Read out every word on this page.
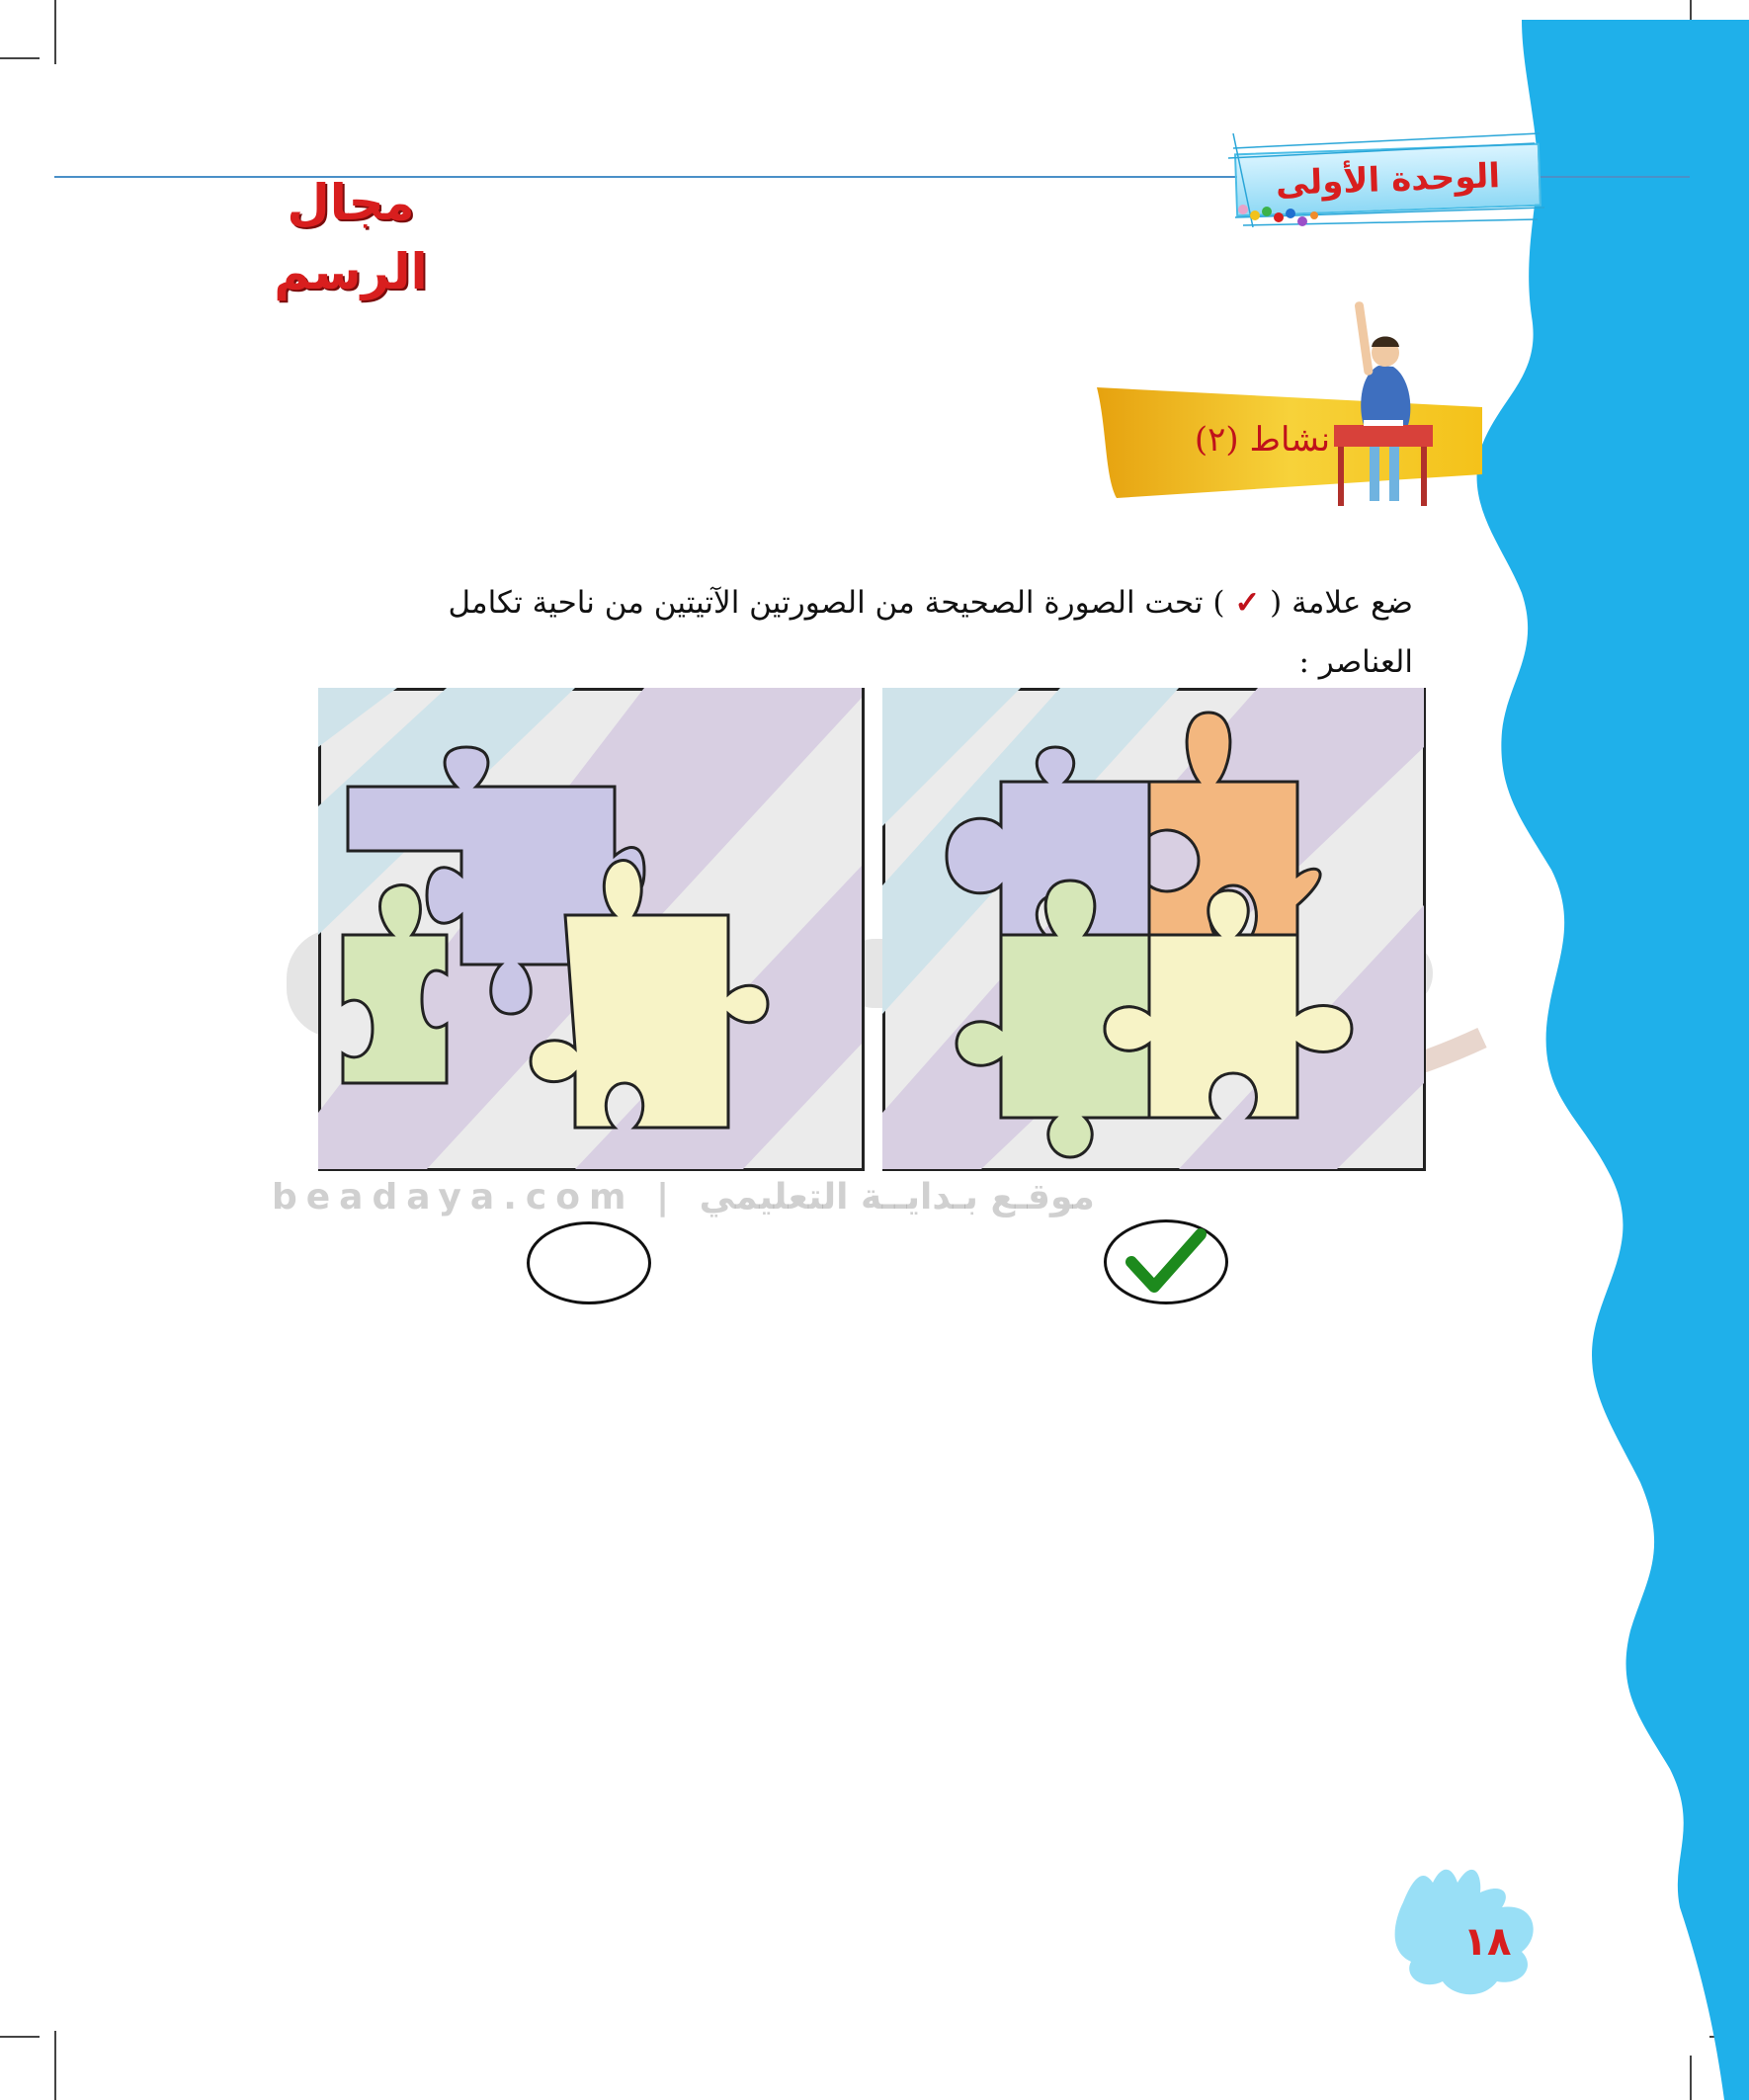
مجال الرسم
الوحدة الأولى
نشاط (٢)
ضع علامة ( ✓ ) تحت الصورة الصحيحة من الصورتين الآتيتين من ناحية تكامل العناصر :
beadaya.com | موقـع بـدايــة التعليمي
١٨
